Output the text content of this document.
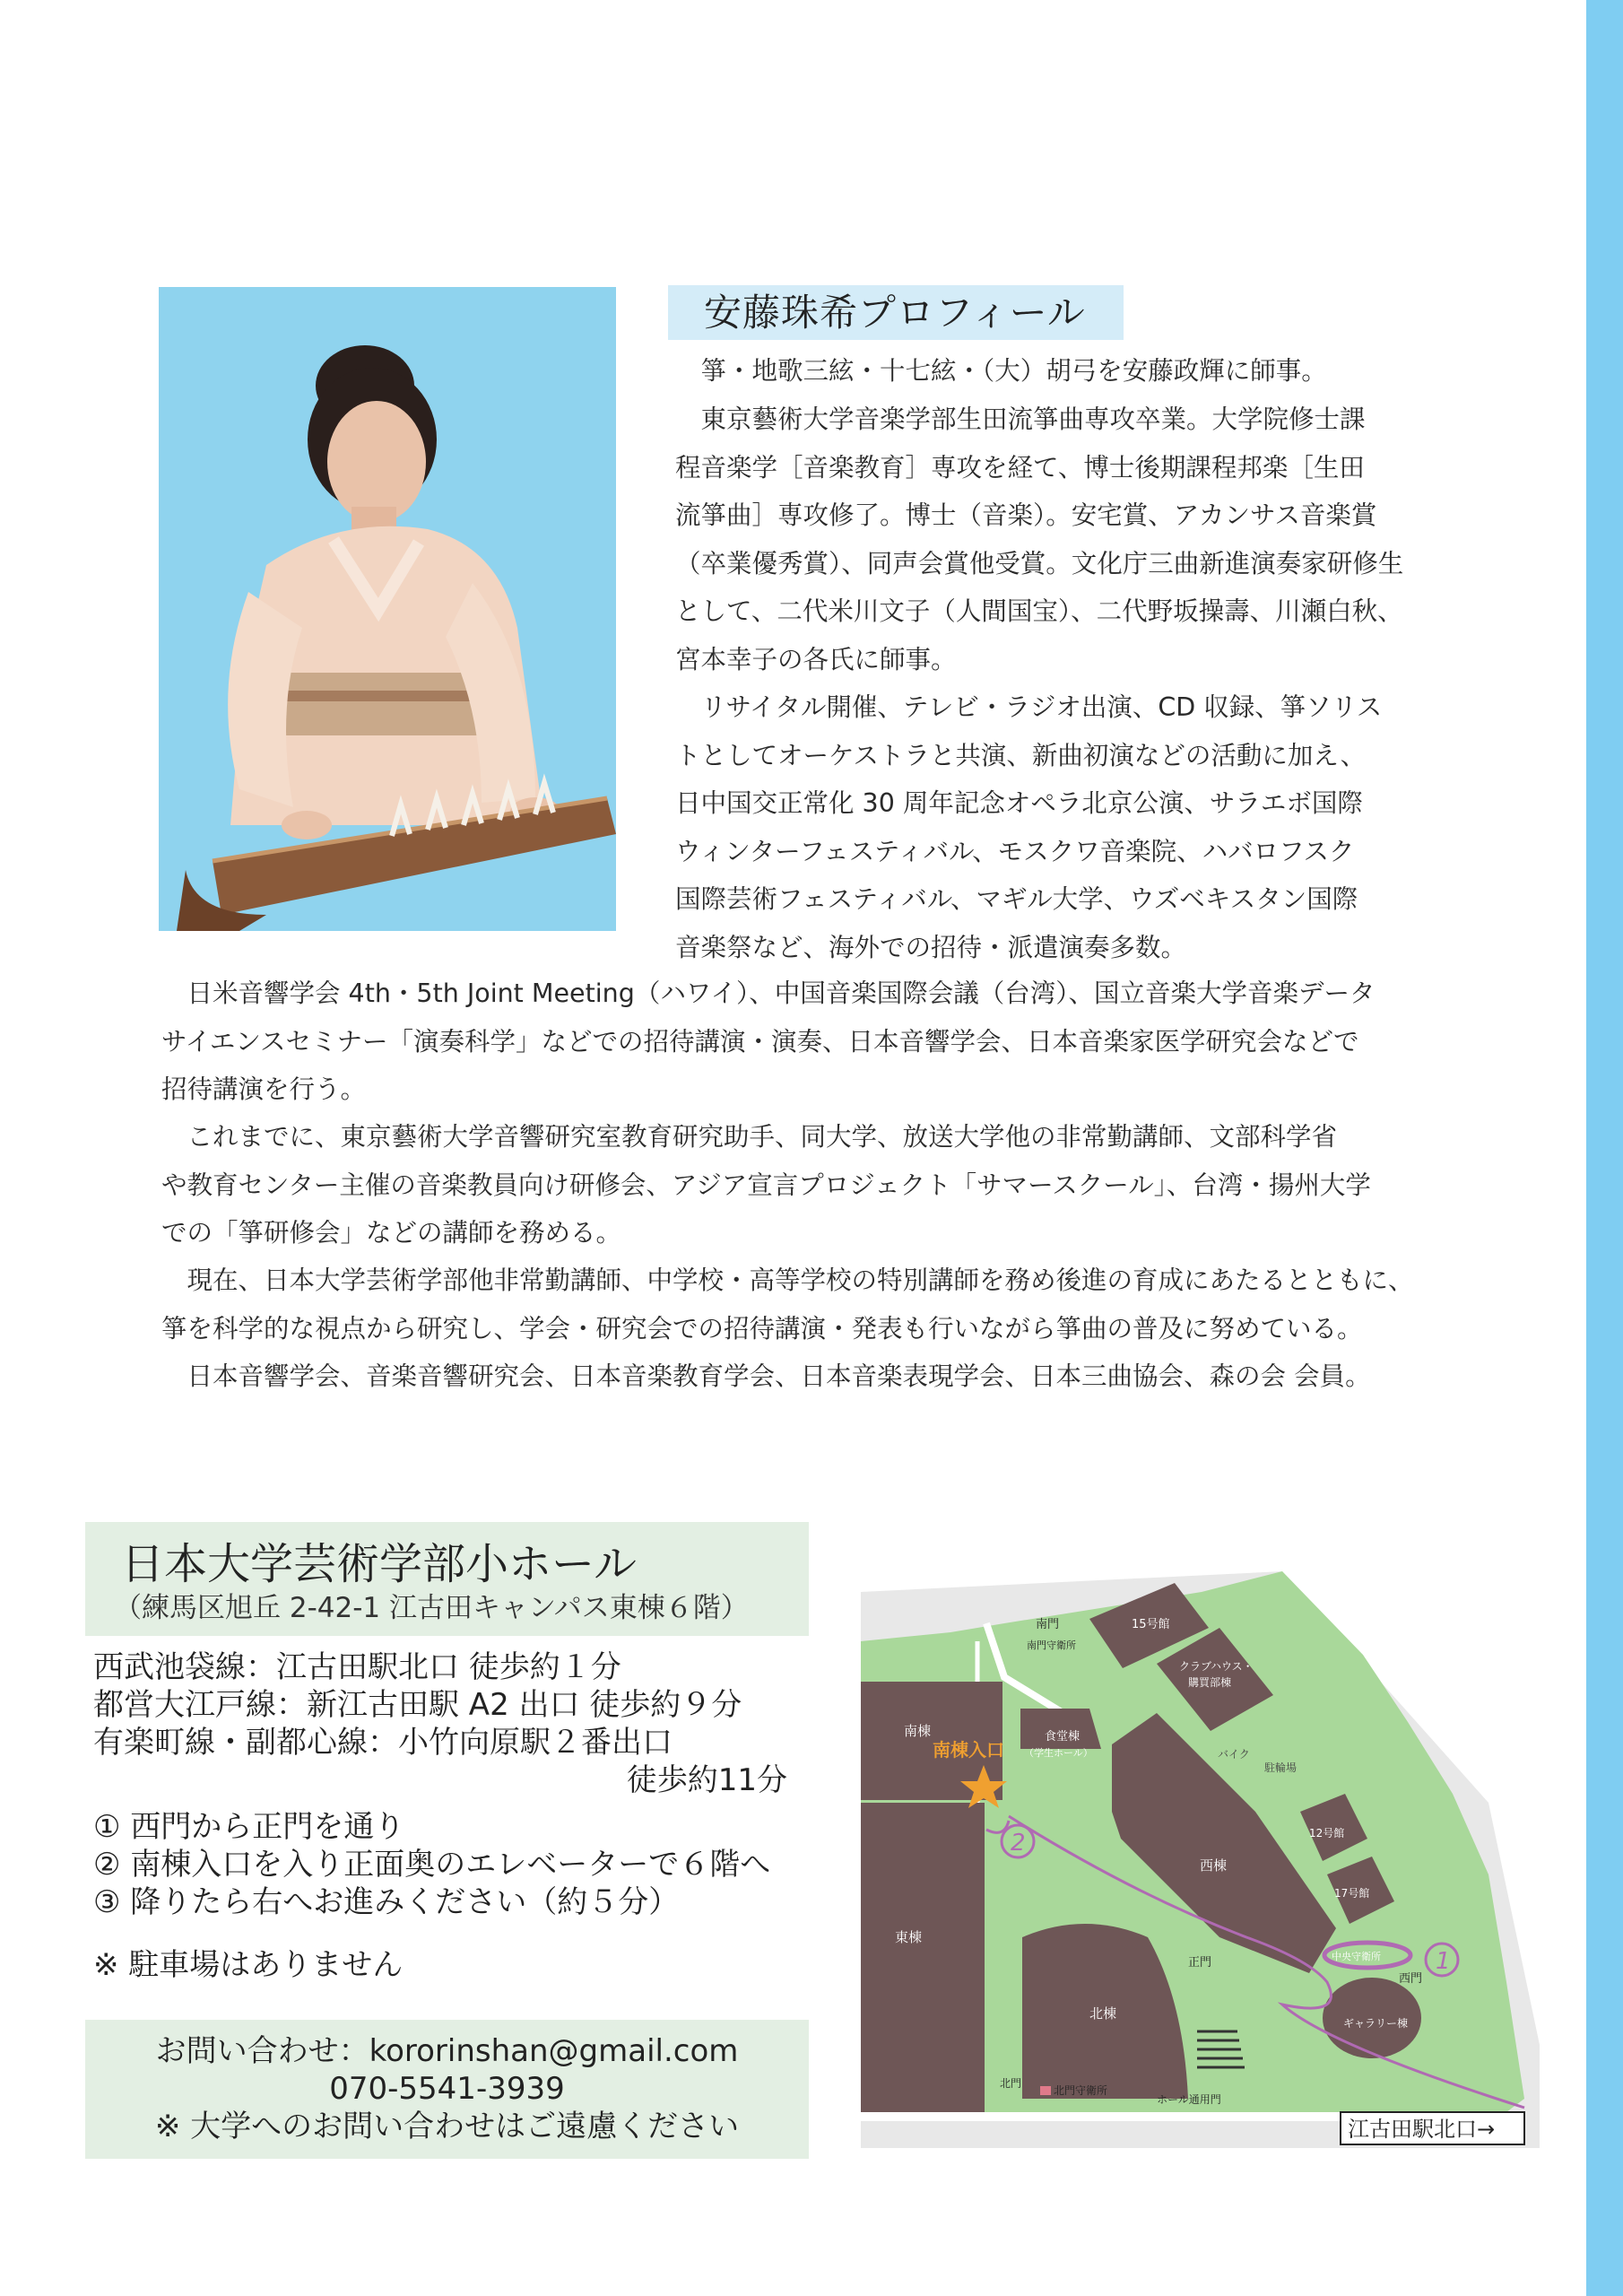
安藤珠希プロフィール
　箏・地歌三絃・十七絃・（大）胡弓を安藤政輝に師事。
　東京藝術大学音楽学部生田流箏曲専攻卒業。大学院修士課
程音楽学［音楽教育］専攻を経て、博士後期課程邦楽［生田
流箏曲］専攻修了。博士（音楽）。安宅賞、アカンサス音楽賞
（卒業優秀賞）、同声会賞他受賞。文化庁三曲新進演奏家研修生
として、二代米川文子（人間国宝）、二代野坂操壽、川瀬白秋、
宮本幸子の各氏に師事。
　リサイタル開催、テレビ・ラジオ出演、CD 収録、箏ソリス
トとしてオーケストラと共演、新曲初演などの活動に加え、
日中国交正常化 30 周年記念オペラ北京公演、サラエボ国際
ウィンターフェスティバル、モスクワ音楽院、ハバロフスク
国際芸術フェスティバル、マギル大学、ウズベキスタン国際
音楽祭など、海外での招待・派遣演奏多数。
　日米音響学会 4th・5th Joint Meeting（ハワイ）、中国音楽国際会議（台湾）、国立音楽大学音楽データ
サイエンスセミナー「演奏科学」などでの招待講演・演奏、日本音響学会、日本音楽家医学研究会などで
招待講演を行う。
　これまでに、東京藝術大学音響研究室教育研究助手、同大学、放送大学他の非常勤講師、文部科学省
や教育センター主催の音楽教員向け研修会、アジア宣言プロジェクト「サマースクール」、台湾・揚州大学
での「箏研修会」などの講師を務める。
　現在、日本大学芸術学部他非常勤講師、中学校・高等学校の特別講師を務め後進の育成にあたるとともに、
箏を科学的な視点から研究し、学会・研究会での招待講演・発表も行いながら箏曲の普及に努めている。
　日本音響学会、音楽音響研究会、日本音楽教育学会、日本音楽表現学会、日本三曲協会、森の会 会員。
日本大学芸術学部小ホール
（練馬区旭丘 2-42-1 江古田キャンパス東棟６階）
西武池袋線：江古田駅北口 徒歩約１分
都営大江戸線：新江古田駅 A2 出口 徒歩約９分
有楽町線・副都心線：小竹向原駅２番出口
徒歩約11分
① 西門から正門を通り
② 南棟入口を入り正面奥のエレベーターで６階へ
③ 降りたら右へお進みください（約５分）
※ 駐車場はありません
お問い合わせ：kororinshan@gmail.com
070-5541-3939
※ 大学へのお問い合わせはご遠慮ください
1
2
南門
南門守衛所
15号館
クラブハウス・
購買部棟
南棟
南棟入口
食堂棟
（学生ホール）	バイク
駐輪場
西棟
12号館
17号館
東棟
正門	中央守衛所
西門
北棟
ギャラリー棟
北門
北門守衛所
ホール通用門
江古田駅北口→
